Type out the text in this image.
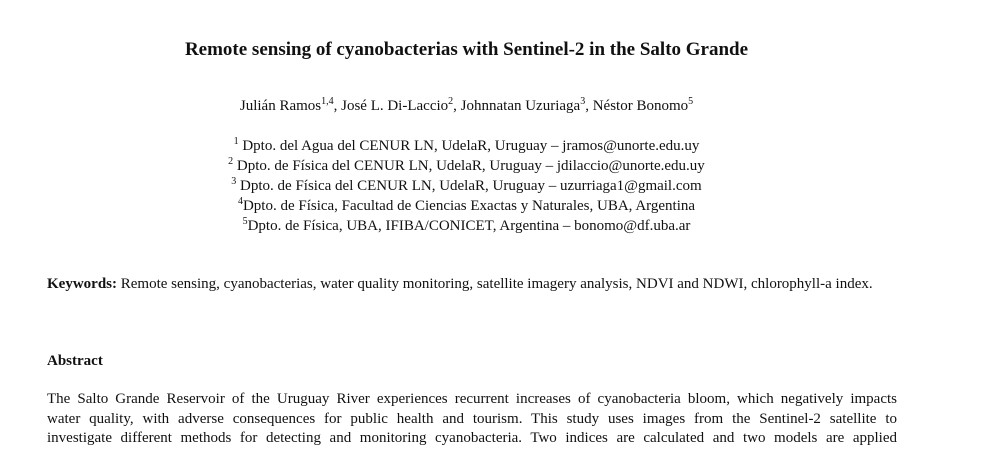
Remote sensing of cyanobacterias with Sentinel-2 in the Salto Grande
Julián Ramos$^{1,4}$, José L. Di-Laccio$^2$, Johnnatan Uzuriaga$^3$, Néstor Bonomo$^5$
$^1$ Dpto. del Agua del CENUR LN, UdelaR, Uruguay – jramos@unorte.edu.uy
$^2$ Dpto. de Física del CENUR LN, UdelaR, Uruguay – jdilaccio@unorte.edu.uy
$^3$ Dpto. de Física del CENUR LN, UdelaR, Uruguay – uzurriaga1@gmail.com
$^4$Dpto. de Física, Facultad de Ciencias Exactas y Naturales, UBA, Argentina
$^5$Dpto. de Física, UBA, IFIBA/CONICET, Argentina – bonomo@df.uba.ar
Keywords: Remote sensing, cyanobacterias, water quality monitoring, satellite imagery analysis, NDVI and NDWI, chlorophyll-a index.
Abstract
The Salto Grande Reservoir of the Uruguay River experiences recurrent increases of cyanobacteria bloom, which negatively impacts
water quality, with adverse consequences for public health and tourism. This study uses images from the Sentinel-2 satellite to
investigate different methods for detecting and monitoring cyanobacteria. Two indices are calculated and two models are applied
